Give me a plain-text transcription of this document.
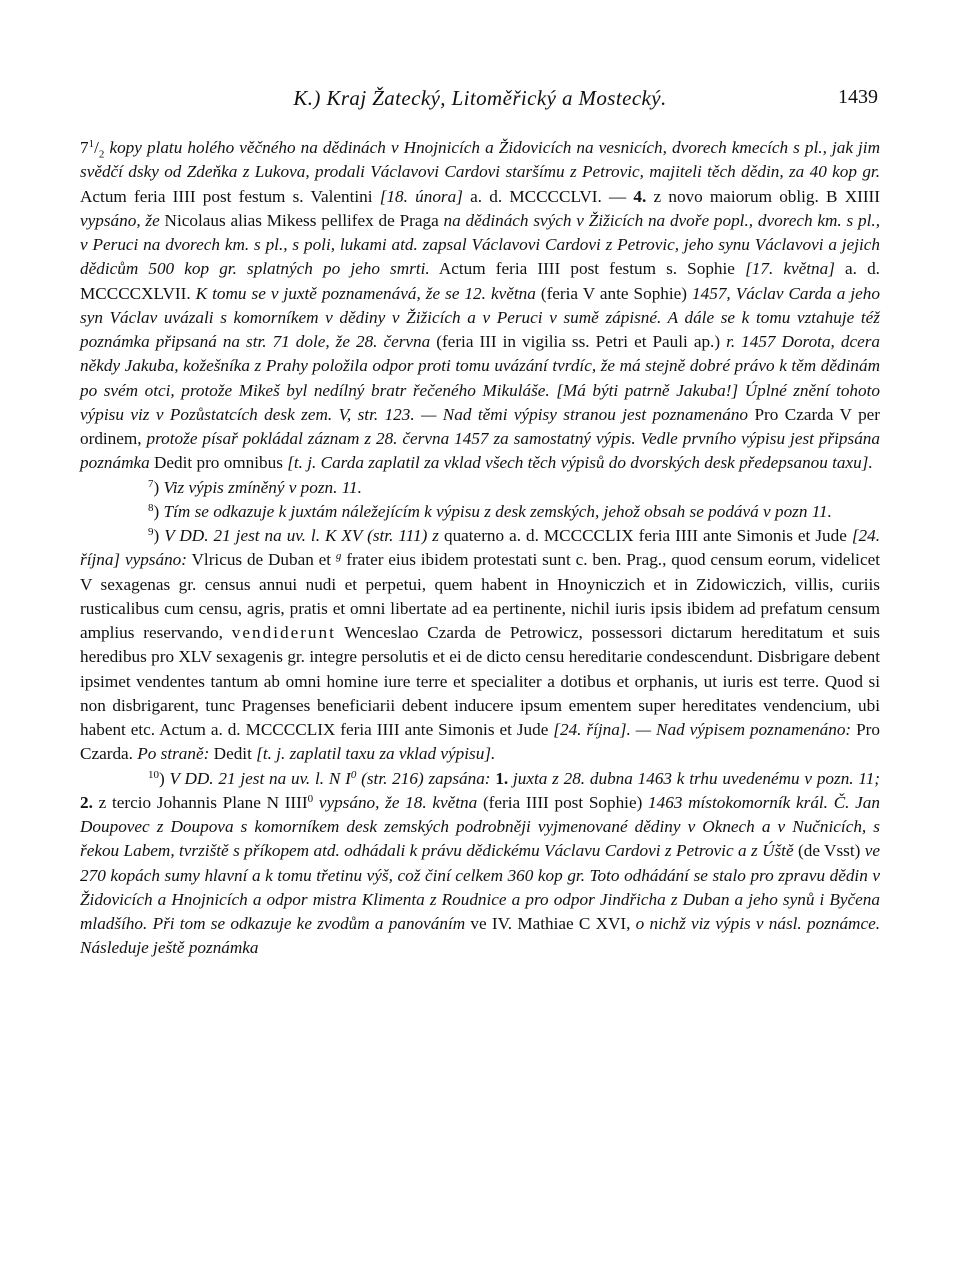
K.) Kraj Žatecký, Litoměřický a Mostecký.	1439

$7^1/_2$ kopy platu holého věčného na dědinách v Hnojnicích a Židovicích na vesnicích, dvorech kmecích s pl., jak jim svědčí dsky od Zdeňka z Lukova, prodali Václavovi Cardovi staršímu z Petrovic, majiteli těch dědin, za 40 kop gr. Actum feria IIII post festum s. Valentini [18. února] a. d. MCCCCLVI. — 4. z novo maiorum oblig. B XIIII vypsáno, že Nicolaus alias Mikess pellifex de Praga na dědinách svých v Žižicích na dvoře popl., dvorech km. s pl., v Peruci na dvorech km. s pl., s poli, lukami atd. zapsal Václavovi Cardovi z Petrovic, jeho synu Václavovi a jejich dědicům 500 kop gr. splatných po jeho smrti. Actum feria IIII post festum s. Sophie [17. května] a. d. MCCCCXLVII. K tomu se v juxtě poznamenává, že se 12. května (feria V ante Sophie) 1457, Václav Carda a jeho syn Václav uvázali s komorníkem v dědiny v Žižicích a v Peruci v sumě zápisné. A dále se k tomu vztahuje též poznámka připsaná na str. 71 dole, že 28. června (feria III in vigilia ss. Petri et Pauli ap.) r. 1457 Dorota, dcera někdy Jakuba, kožešníka z Prahy položila odpor proti tomu uvázání tvrdíc, že má stejně dobré právo k těm dědinám po svém otci, protože Mikeš byl nedílný bratr řečeného Mikuláše. [Má býti patrně Jakuba!] Úplné znění tohoto výpisu viz v Pozůstatcích desk zem. V, str. 123. — Nad těmi výpisy stranou jest poznamenáno Pro Czarda V per ordinem, protože písař pokládal záznam z 28. června 1457 za samostatný výpis. Vedle prvního výpisu jest připsána poznámka Dedit pro omnibus [t. j. Carda zaplatil za vklad všech těch výpisů do dvorských desk předepsanou taxu].

$^7$) Viz výpis zmíněný v pozn. 11.

$^8$) Tím se odkazuje k juxtám náležejícím k výpisu z desk zemských, jehož obsah se podává v pozn 11.

$^9$) V DD. 21 jest na uv. l. K XV (str. 111) z quaterno a. d. MCCCCLIX feria IIII ante Simonis et Jude [24. října] vypsáno: Vlricus de Duban et $^g$ frater eius ibidem protestati sunt c. ben. Prag., quod censum eorum, videlicet V sexagenas gr. census annui nudi et perpetui, quem habent in Hnoyniczich et in Zidowiczich, villis, curiis rusticalibus cum censu, agris, pratis et omni libertate ad ea pertinente, nichil iuris ipsis ibidem ad prefatum censum amplius reservando, vendiderunt Wenceslao Czarda de Petrowicz, possessori dictarum hereditatum et suis heredibus pro XLV sexagenis gr. integre persolutis et ei de dicto censu hereditarie condescendunt. Disbrigare debent ipsimet vendentes tantum ab omni homine iure terre et specialiter a dotibus et orphanis, ut iuris est terre. Quod si non disbrigarent, tunc Pragenses beneficiarii debent inducere ipsum ementem super hereditates vendencium, ubi habent etc. Actum a. d. MCCCCLIX feria IIII ante Simonis et Jude [24. října]. — Nad výpisem poznamenáno: Pro Czarda. Po straně: Dedit [t. j. zaplatil taxu za vklad výpisu].

$^{10}$) V DD. 21 jest na uv. l. N $I^0$ (str. 216) zapsána: 1. juxta z 28. dubna 1463 k trhu uvedenému v pozn. 11; 2. z tercio Johannis Plane N IIII$^0$ vypsáno, že 18. května (feria IIII post Sophie) 1463 místokomorník král. Č. Jan Doupovec z Doupova s komorníkem desk zemských podrobněji vyjmenované dědiny v Oknech a v Nučnicích, s řekou Labem, tvrziště s příkopem atd. odhádali k právu dědickému Václavu Cardovi z Petrovic a z Úště (de Vsst) ve 270 kopách sumy hlavní a k tomu třetinu výš, což činí celkem 360 kop gr. Toto odhádání se stalo pro zpravu dědin v Židovicích a Hnojnicích a odpor mistra Klimenta z Roudnice a pro odpor Jindřicha z Duban a jeho synů i Byčena mladšího. Při tom se odkazuje ke zvodům a panováním ve IV. Mathiae C XVI, o nichž viz výpis v násl. poznámce. Následuje ještě poznámka
